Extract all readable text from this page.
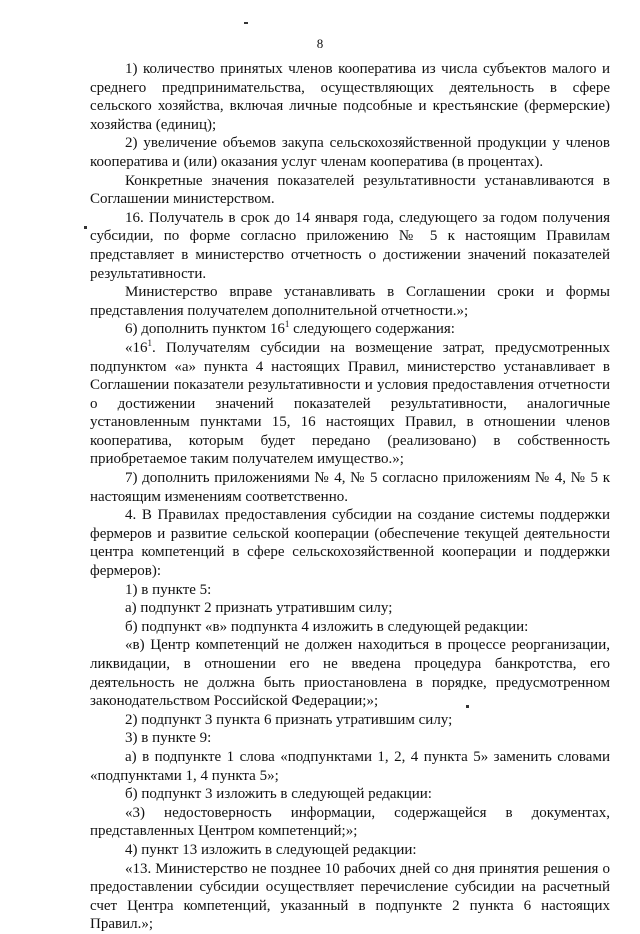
8

1) количество принятых членов кооператива из числа субъектов малого и среднего предпринимательства, осуществляющих деятельность в сфере сельского хозяйства, включая личные подсобные и крестьянские (фермерские) хозяйства (единиц);

2) увеличение объемов закупа сельскохозяйственной продукции у членов кооператива и (или) оказания услуг членам кооператива (в процентах).

Конкретные значения показателей результативности устанавливаются в Соглашении министерством.

16. Получатель в срок до 14 января года, следующего за годом получения субсидии, по форме согласно приложению № 5 к настоящим Правилам представляет в министерство отчетность о достижении значений показателей результативности.

Министерство вправе устанавливать в Соглашении сроки и формы представления получателем дополнительной отчетности.»;

6) дополнить пунктом $16^1$ следующего содержания:

«$16^1$. Получателям субсидии на возмещение затрат, предусмотренных подпунктом «а» пункта 4 настоящих Правил, министерство устанавливает в Соглашении показатели результативности и условия предоставления отчетности о достижении значений показателей результативности, аналогичные установленным пунктами 15, 16 настоящих Правил, в отношении членов кооператива, которым будет передано (реализовано) в собственность приобретаемое таким получателем имущество.»;

7) дополнить приложениями № 4, № 5 согласно приложениям № 4, № 5 к настоящим изменениям соответственно.

4. В Правилах предоставления субсидии на создание системы поддержки фермеров и развитие сельской кооперации (обеспечение текущей деятельности центра компетенций в сфере сельскохозяйственной кооперации и поддержки фермеров):

1) в пункте 5:

а) подпункт 2 признать утратившим силу;

б) подпункт «в» подпункта 4 изложить в следующей редакции:

«в) Центр компетенций не должен находиться в процессе реорганизации, ликвидации, в отношении его не введена процедура банкротства, его деятельность не должна быть приостановлена в порядке, предусмотренном законодательством Российской Федерации;»;

2) подпункт 3 пункта 6 признать утратившим силу;

3) в пункте 9:

а) в подпункте 1 слова «подпунктами 1, 2, 4 пункта 5» заменить словами «подпунктами 1, 4 пункта 5»;

б) подпункт 3 изложить в следующей редакции:

«3) недостоверность информации, содержащейся в документах, представленных Центром компетенций;»;

4) пункт 13 изложить в следующей редакции:

«13. Министерство не позднее 10 рабочих дней со дня принятия решения о предоставлении субсидии осуществляет перечисление субсидии на расчетный счет Центра компетенций, указанный в подпункте 2 пункта 6 настоящих Правил.»;
